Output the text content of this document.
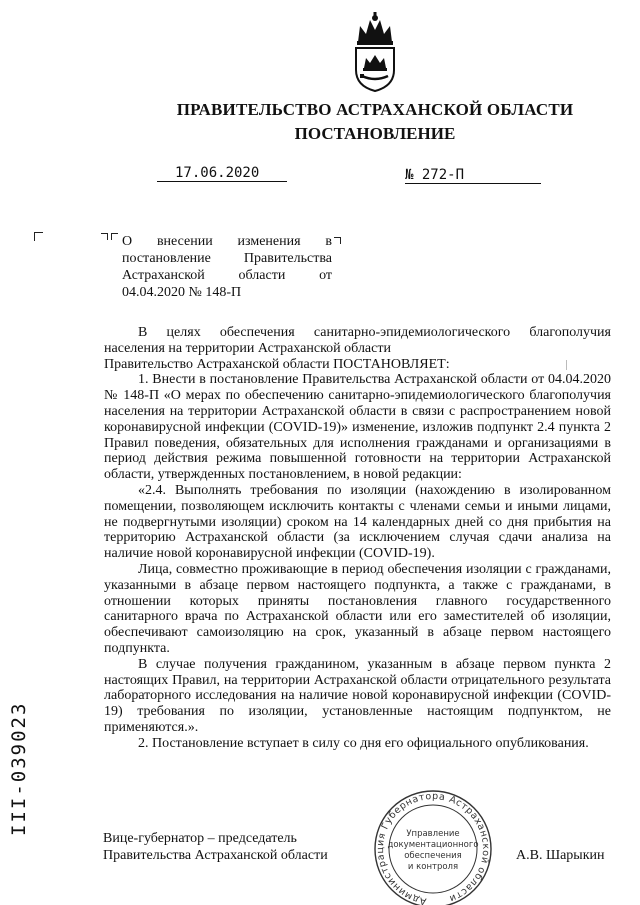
ПРАВИТЕЛЬСТВО АСТРАХАНСКОЙ ОБЛАСТИ
ПОСТАНОВЛЕНИЕ
17.06.2020	№ 272-П
О внесении изменения в
постановление Правительства
Астраханской области от
04.04.2020 № 148-П

В целях обеспечения санитарно-эпидемиологического благополучия населения на территории Астраханской области

Правительство Астраханской области ПОСТАНОВЛЯЕТ:

1. Внести в постановление Правительства Астраханской области от 04.04.2020 № 148-П «О мерах по обеспечению санитарно-эпидемиологического благополучия населения на территории Астраханской области в связи с распространением новой коронавирусной инфекции (COVID-19)» изменение, изложив подпункт 2.4 пункта 2 Правил поведения, обязательных для исполнения гражданами и организациями в период действия режима повышенной готовности на территории Астраханской области, утвержденных постановлением, в новой редакции:

«2.4. Выполнять требования по изоляции (нахождению в изолированном помещении, позволяющем исключить контакты с членами семьи и иными лицами, не подвергнутыми изоляции) сроком на 14 календарных дней со дня прибытия на территорию Астраханской области (за исключением случая сдачи анализа на наличие новой коронавирусной инфекции (COVID-19).

Лица, совместно проживающие в период обеспечения изоляции с гражданами, указанными в абзаце первом настоящего подпункта, а также с гражданами, в отношении которых приняты постановления главного государственного санитарного врача по Астраханской области или его заместителей об изоляции, обеспечивают самоизоляцию на срок, указанный в абзаце первом настоящего подпункта.

В случае получения гражданином, указанным в абзаце первом пункта 2 настоящих Правил, на территории Астраханской области отрицательного результата лабораторного исследования на наличие новой коронавирусной инфекции (COVID-19) требования по изоляции, установленные настоящим подпунктом, не применяются.».

2. Постановление вступает в силу со дня его официального опубликования.

Вице-губернатор – председатель
Правительства Астраханской области	А.В. Шарыкин
Администрация Губернатора Астраханской области
Управление
документационного
обеспечения
и контроля
III-039023
